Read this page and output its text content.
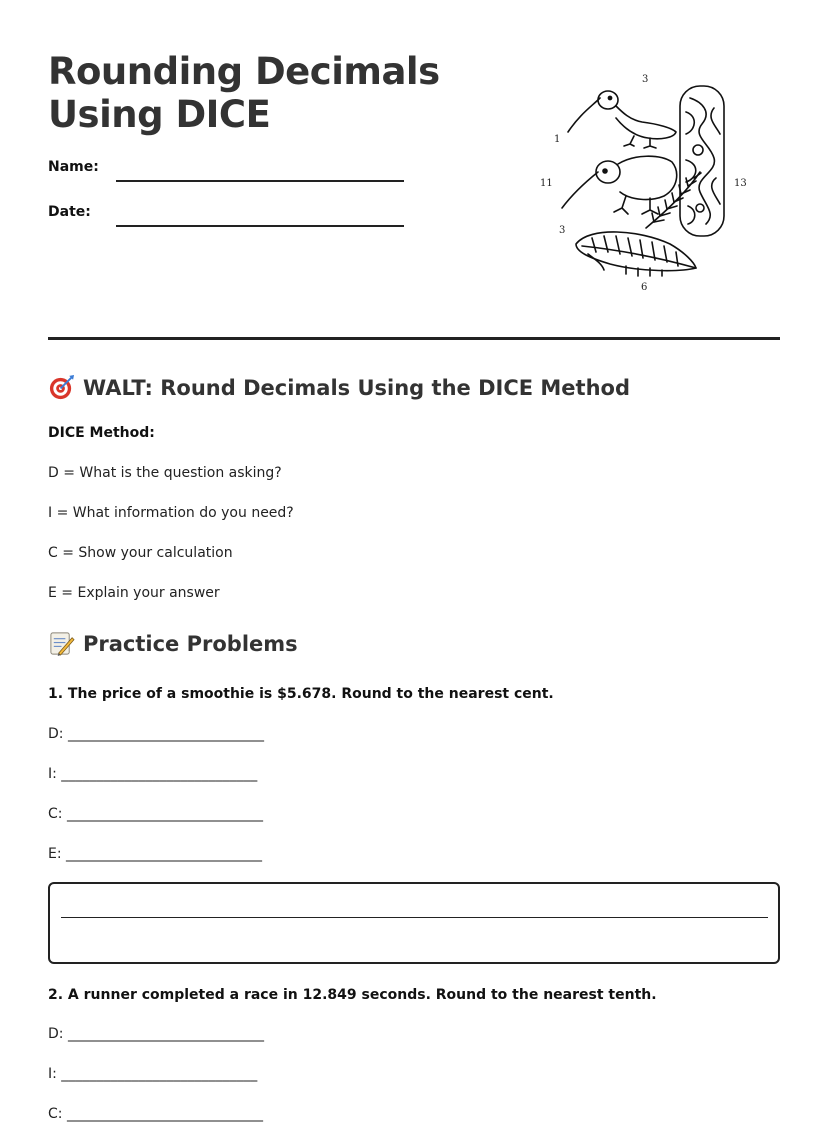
Rounding Decimals
Using DICE
Name:
Date:
3
1
11	13
3
6
WALT: Round Decimals Using the DICE Method
DICE Method:
D = What is the question asking?
I = What information do you need?
C = Show your calculation
E = Explain your answer
Practice Problems
1. The price of a smoothie is $5.678. Round to the nearest cent.
D: ____________________________
I: ____________________________
C: ____________________________
E: ____________________________
2. A runner completed a race in 12.849 seconds. Round to the nearest tenth.
D: ____________________________
I: ____________________________
C: ____________________________
